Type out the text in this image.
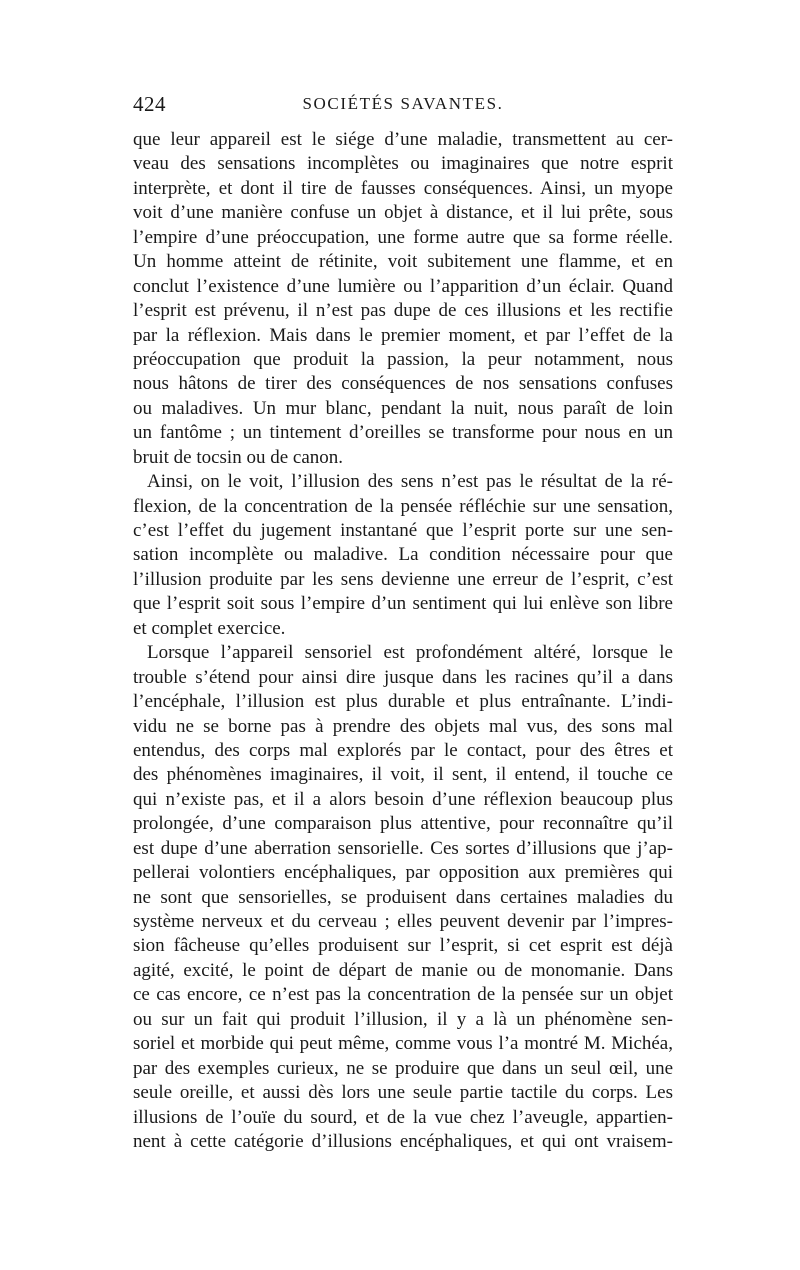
424	SOCIÉTÉS SAVANTES.
que leur appareil est le siége d’une maladie, transmettent au cer-
veau des sensations incomplètes ou imaginaires que notre esprit
interprète, et dont il tire de fausses conséquences. Ainsi, un myope
voit d’une manière confuse un objet à distance, et il lui prête, sous
l’empire d’une préoccupation, une forme autre que sa forme réelle.
Un homme atteint de rétinite, voit subitement une flamme, et en
conclut l’existence d’une lumière ou l’apparition d’un éclair. Quand
l’esprit est prévenu, il n’est pas dupe de ces illusions et les rectifie
par la réflexion. Mais dans le premier moment, et par l’effet de la
préoccupation que produit la passion, la peur notamment, nous
nous hâtons de tirer des conséquences de nos sensations confuses
ou maladives. Un mur blanc, pendant la nuit, nous paraît de loin
un fantôme ; un tintement d’oreilles se transforme pour nous en un
bruit de tocsin ou de canon.
Ainsi, on le voit, l’illusion des sens n’est pas le résultat de la ré-
flexion, de la concentration de la pensée réfléchie sur une sensation,
c’est l’effet du jugement instantané que l’esprit porte sur une sen-
sation incomplète ou maladive. La condition nécessaire pour que
l’illusion produite par les sens devienne une erreur de l’esprit, c’est
que l’esprit soit sous l’empire d’un sentiment qui lui enlève son libre
et complet exercice.
Lorsque l’appareil sensoriel est profondément altéré, lorsque le
trouble s’étend pour ainsi dire jusque dans les racines qu’il a dans
l’encéphale, l’illusion est plus durable et plus entraînante. L’indi-
vidu ne se borne pas à prendre des objets mal vus, des sons mal
entendus, des corps mal explorés par le contact, pour des êtres et
des phénomènes imaginaires, il voit, il sent, il entend, il touche ce
qui n’existe pas, et il a alors besoin d’une réflexion beaucoup plus
prolongée, d’une comparaison plus attentive, pour reconnaître qu’il
est dupe d’une aberration sensorielle. Ces sortes d’illusions que j’ap-
pellerai volontiers encéphaliques, par opposition aux premières qui
ne sont que sensorielles, se produisent dans certaines maladies du
système nerveux et du cerveau ; elles peuvent devenir par l’impres-
sion fâcheuse qu’elles produisent sur l’esprit, si cet esprit est déjà
agité, excité, le point de départ de manie ou de monomanie. Dans
ce cas encore, ce n’est pas la concentration de la pensée sur un objet
ou sur un fait qui produit l’illusion, il y a là un phénomène sen-
soriel et morbide qui peut même, comme vous l’a montré M. Michéa,
par des exemples curieux, ne se produire que dans un seul œil, une
seule oreille, et aussi dès lors une seule partie tactile du corps. Les
illusions de l’ouïe du sourd, et de la vue chez l’aveugle, appartien-
nent à cette catégorie d’illusions encéphaliques, et qui ont vraisem-
